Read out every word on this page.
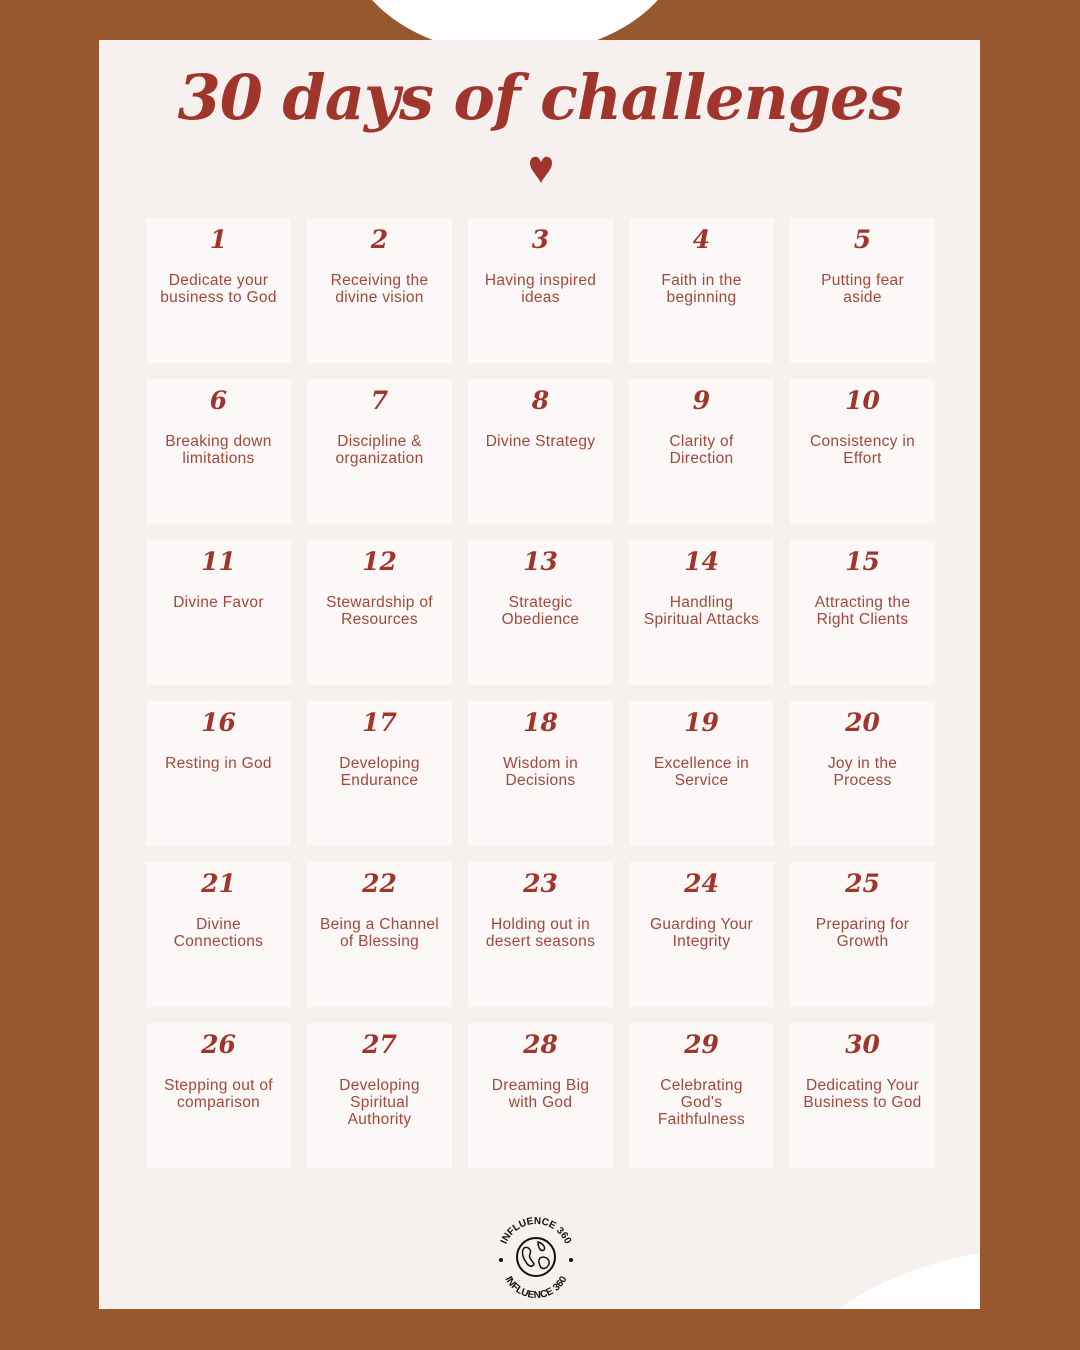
30 days of challenges
1
Dedicate your business to God
2
Receiving the divine vision
3
Having inspired ideas
4
Faith in the beginning
5
Putting fear aside
6
Breaking down limitations
7
Discipline & organization
8
Divine Strategy
9
Clarity of Direction
10
Consistency in Effort
11
Divine Favor
12
Stewardship of Resources
13
Strategic Obedience
14
Handling Spiritual Attacks
15
Attracting the Right Clients
16
Resting in God
17
Developing Endurance
18
Wisdom in Decisions
19
Excellence in Service
20
Joy in the Process
21
Divine Connections
22
Being a Channel of Blessing
23
Holding out in desert seasons
24
Guarding Your Integrity
25
Preparing for Growth
26
Stepping out of comparison
27
Developing Spiritual Authority
28
Dreaming Big with God
29
Celebrating God's Faithfulness
30
Dedicating Your Business to God
INFLUENCE 360
INFLUENCE 360
